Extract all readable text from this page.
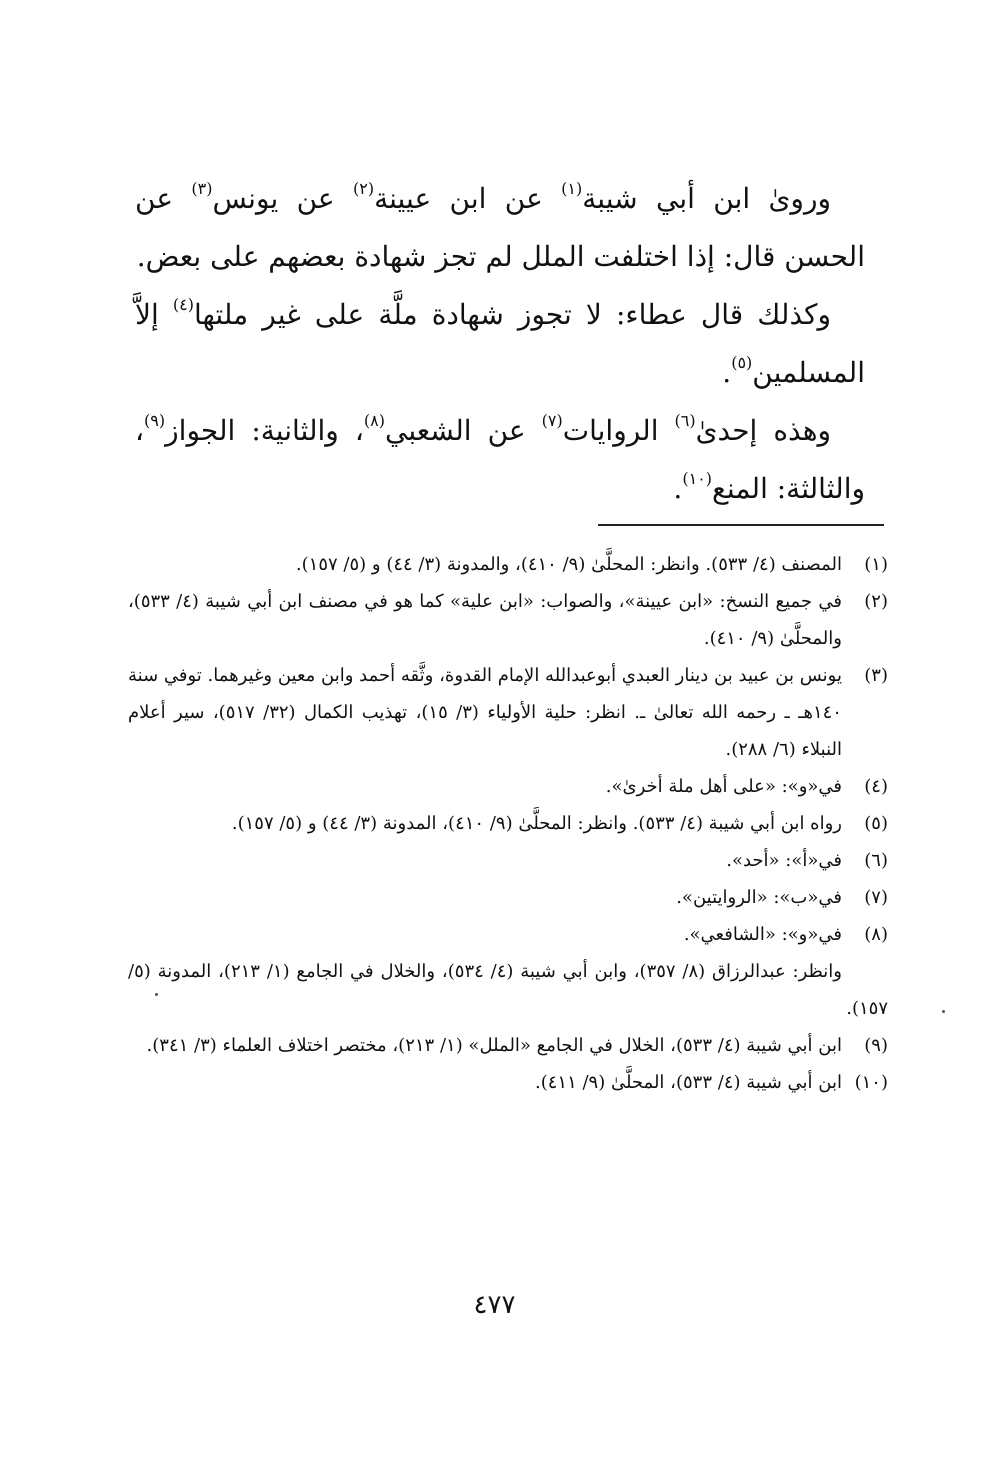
وروىٰ ابن أبي شيبة$^{(١)}$ عن ابن عيينة$^{(٢)}$ عن يونس$^{(٣)}$ عن الحسن قال: إذا اختلفت الملل لم تجز شهادة بعضهم على بعض.

وكذلك قال عطاء: لا تجوز شهادة ملَّة على غير ملتها$^{(٤)}$ إلاَّ المسلمين$^{(٥)}$.

وهذه إحدىٰ$^{(٦)}$ الروايات$^{(٧)}$ عن الشعبي$^{(٨)}$، والثانية: الجواز$^{(٩)}$، والثالثة: المنع$^{(١٠)}$.

(١)
المصنف (٤/ ٥٣٣). وانظر: المحلَّىٰ (٩/ ٤١٠)، والمدونة (٣/ ٤٤) و (٥/ ١٥٧).
(٢)
في جميع النسخ: «ابن عيينة»، والصواب: «ابن علية» كما هو في مصنف ابن أبي شيبة (٤/ ٥٣٣)، والمحلَّىٰ (٩/ ٤١٠).
(٣)
يونس بن عبيد بن دينار العبدي أبوعبدالله الإمام القدوة، وثَّقه أحمد وابن معين وغيرهما. توفي سنة ١٤٠هـ ـ رحمه الله تعالىٰ ـ. انظر: حلية الأولياء (٣/ ١٥)، تهذيب الكمال (٣٢/ ٥١٧)، سير أعلام النبلاء (٦/ ٢٨٨).
(٤)
في«و»: «على أهل ملة أخرىٰ».
(٥)
رواه ابن أبي شيبة (٤/ ٥٣٣). وانظر: المحلَّىٰ (٩/ ٤١٠)، المدونة (٣/ ٤٤) و (٥/ ١٥٧).
(٦)
في«أ»: «أحد».
(٧)
في«ب»: «الروايتين».
(٨)
في«و»: «الشافعي».
وانظر: عبدالرزاق (٨/ ٣٥٧)، وابن أبي شيبة (٤/ ٥٣٤)، والخلال في الجامع (١/ ٢١٣)، المدونة (٥/ ١٥٧).
(٩)
ابن أبي شيبة (٤/ ٥٣٣)، الخلال في الجامع «الملل» (١/ ٢١٣)، مختصر اختلاف العلماء (٣/ ٣٤١).
(١٠)
ابن أبي شيبة (٤/ ٥٣٣)، المحلَّىٰ (٩/ ٤١١).
٤٧٧
